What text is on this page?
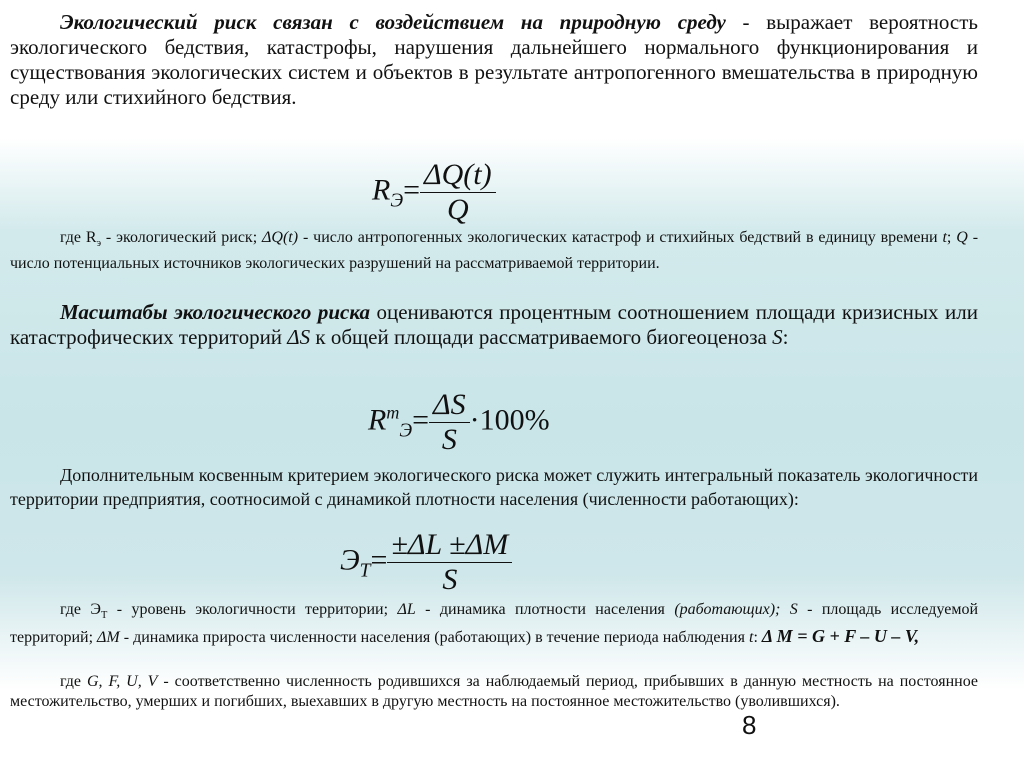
Экологический риск связан с воздействием на природную среду - выражает вероятность экологического бедствия, катастрофы, нарушения дальнейшего нормального функционирования и существования экологических систем и объектов в результате антропогенного вмешательства в природную среду или стихийного бедствия.

$R_Э= \frac{\Delta Q(t)}{Q}$

где $R_э$ - экологический риск; ΔQ(t) - число антропогенных экологических катастроф и стихийных бедствий в единицу времени t; Q - число потенциальных источников экологических разрушений на рассматриваемой территории.

Масштабы экологического риска оцениваются процентным соотношением площади кризисных или катастрофических территорий ΔS к общей площади рассматриваемого биогеоценоза S:

$R^m_Э= \frac{\Delta S}{S} \cdot 100\%$

Дополнительным косвенным критерием экологического риска может служить интегральный показатель экологичности территории предприятия, соотносимой с динамикой плотности населения (численности работающих):

$Э_T= \frac{\pm\Delta L \pm\Delta M}{S}$

где $Э_Т$ - уровень экологичности территории; ΔL - динамика плотности населения (работающих); S - площадь исследуемой территорий; ΔМ - динамика прироста численности населения (работающих) в течение периода наблюдения t: Δ M = G + F – U – V,

где G, F, U, V - соответственно численность родившихся за наблюдаемый период, прибывших в данную местность на постоянное местожительство, умерших и погибших, выехавших в другую местность на постоянное местожительство (уволившихся).

8
